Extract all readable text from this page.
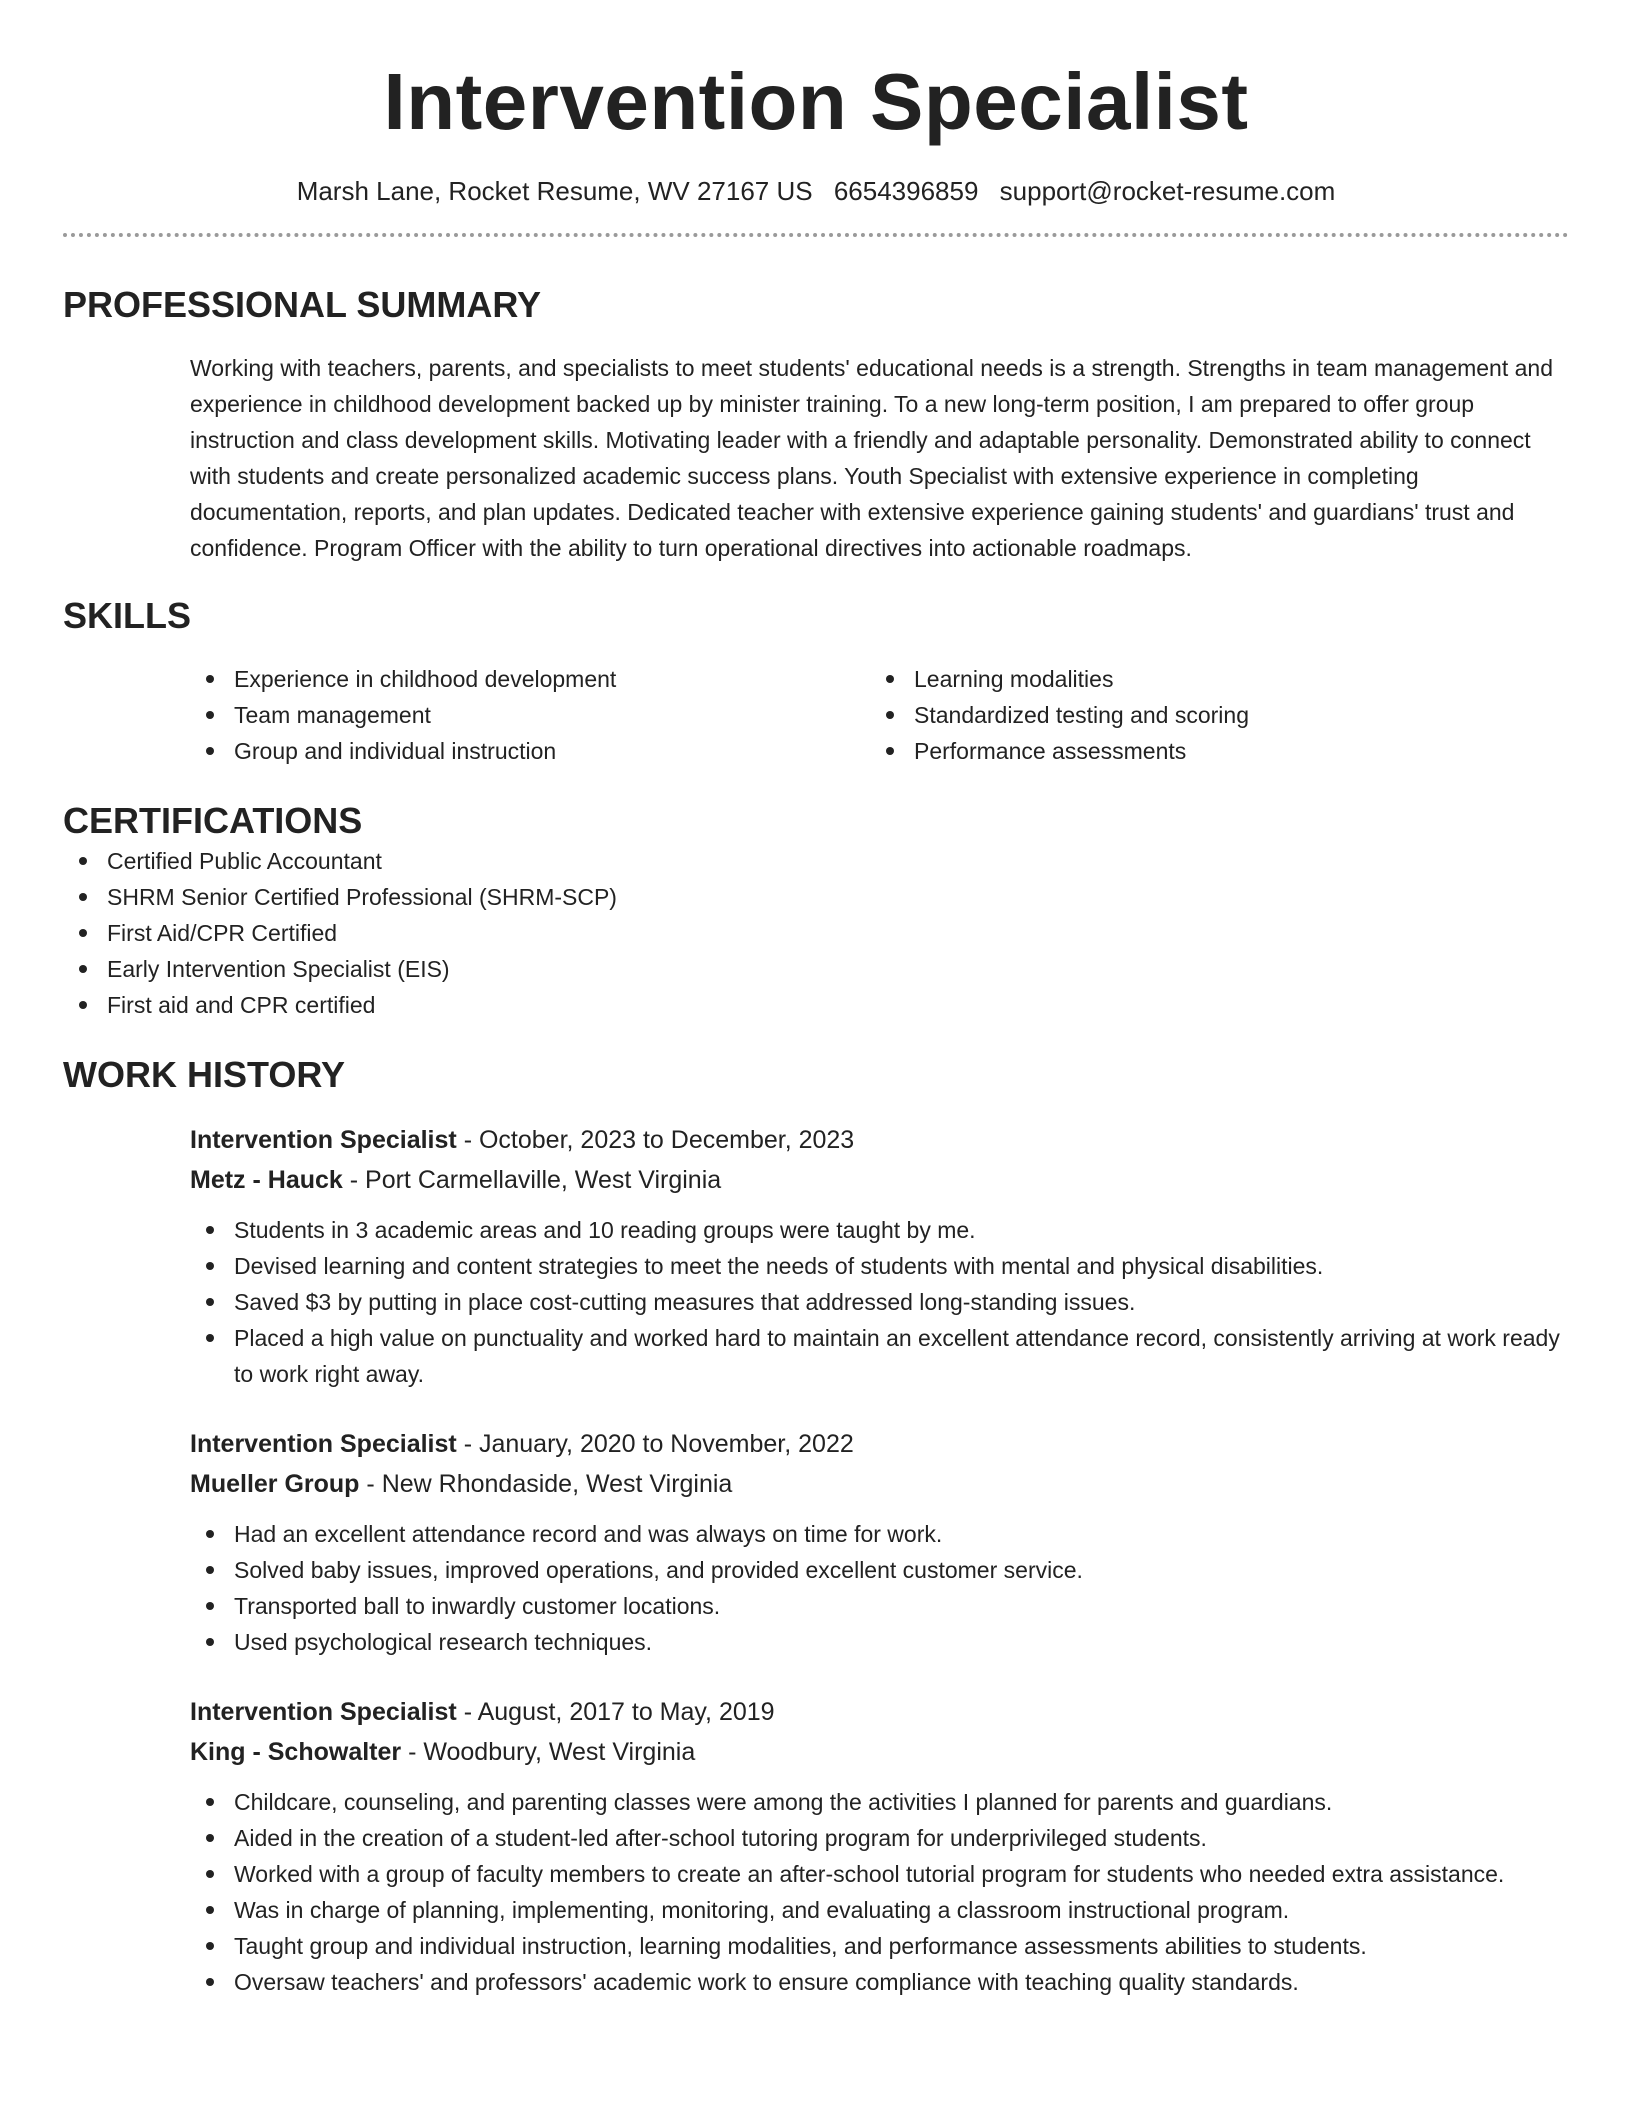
Intervention Specialist
Marsh Lane, Rocket Resume, WV 27167 US 6654396859 support@rocket-resume.com
PROFESSIONAL SUMMARY

Working with teachers, parents, and specialists to meet students' educational needs is a strength. Strengths in team management and experience in childhood development backed up by minister training. To a new long-term position, I am prepared to offer group instruction and class development skills. Motivating leader with a friendly and adaptable personality. Demonstrated ability to connect with students and create personalized academic success plans. Youth Specialist with extensive experience in completing documentation, reports, and plan updates. Dedicated teacher with extensive experience gaining students' and guardians' trust and confidence. Program Officer with the ability to turn operational directives into actionable roadmaps.

SKILLS
Experience in childhood development
Team management
Group and individual instruction
Learning modalities
Standardized testing and scoring
Performance assessments
CERTIFICATIONS
Certified Public Accountant
SHRM Senior Certified Professional (SHRM-SCP)
First Aid/CPR Certified
Early Intervention Specialist (EIS)
First aid and CPR certified
WORK HISTORY
Intervention Specialist - October, 2023 to December, 2023
Metz - Hauck - Port Carmellaville, West Virginia
Students in 3 academic areas and 10 reading groups were taught by me.
Devised learning and content strategies to meet the needs of students with mental and physical disabilities.
Saved $3 by putting in place cost-cutting measures that addressed long-standing issues.
Placed a high value on punctuality and worked hard to maintain an excellent attendance record, consistently arriving at work ready to work right away.
Intervention Specialist - January, 2020 to November, 2022
Mueller Group - New Rhondaside, West Virginia
Had an excellent attendance record and was always on time for work.
Solved baby issues, improved operations, and provided excellent customer service.
Transported ball to inwardly customer locations.
Used psychological research techniques.
Intervention Specialist - August, 2017 to May, 2019
King - Schowalter - Woodbury, West Virginia
Childcare, counseling, and parenting classes were among the activities I planned for parents and guardians.
Aided in the creation of a student-led after-school tutoring program for underprivileged students.
Worked with a group of faculty members to create an after-school tutorial program for students who needed extra assistance.
Was in charge of planning, implementing, monitoring, and evaluating a classroom instructional program.
Taught group and individual instruction, learning modalities, and performance assessments abilities to students.
Oversaw teachers' and professors' academic work to ensure compliance with teaching quality standards.
